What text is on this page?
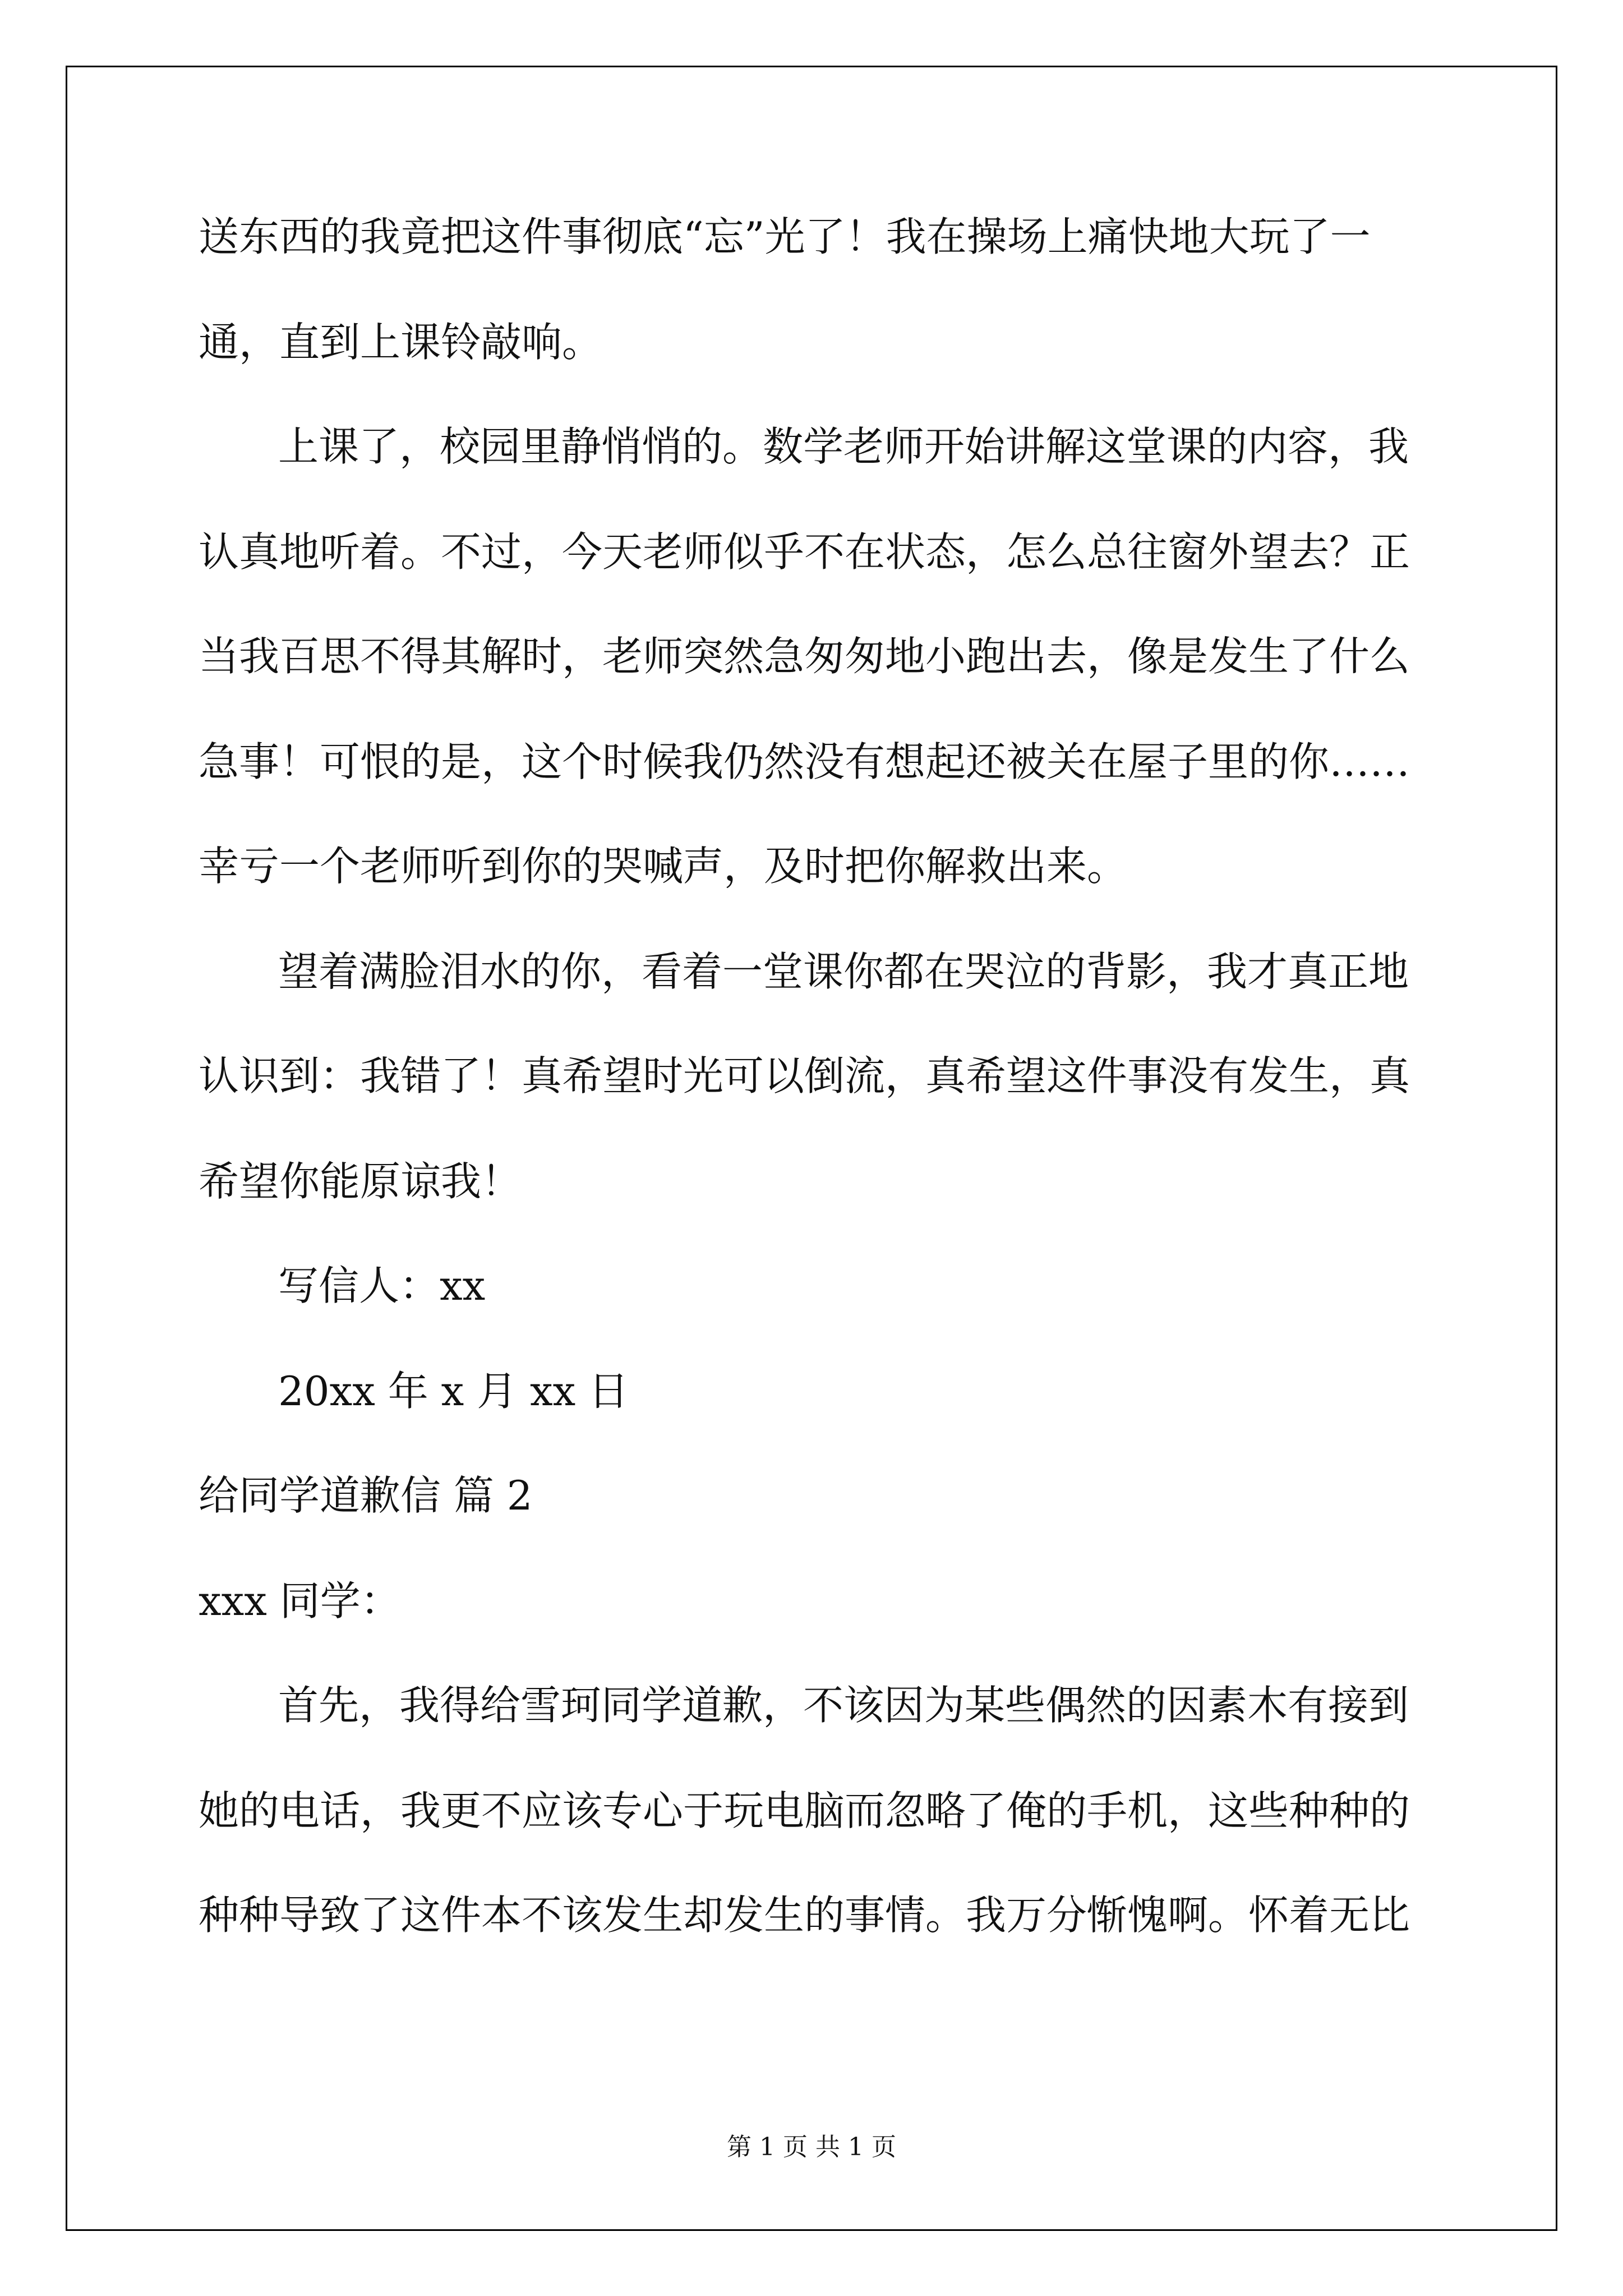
送东西的我竟把这件事彻底“忘”光了！我在操场上痛快地大玩了一
通，直到上课铃敲响。
上课了，校园里静悄悄的。数学老师开始讲解这堂课的内容，我
认真地听着。不过，今天老师似乎不在状态，怎么总往窗外望去？正
当我百思不得其解时，老师突然急匆匆地小跑出去，像是发生了什么
急事！可恨的是，这个时候我仍然没有想起还被关在屋子里的你……
幸亏一个老师听到你的哭喊声，及时把你解救出来。
望着满脸泪水的你，看着一堂课你都在哭泣的背影，我才真正地
认识到：我错了！真希望时光可以倒流，真希望这件事没有发生，真
希望你能原谅我！
写信人：xx
20xx 年 x 月 xx 日
给同学道歉信 篇 2
xxx 同学：
首先，我得给雪珂同学道歉，不该因为某些偶然的因素木有接到
她的电话，我更不应该专心于玩电脑而忽略了俺的手机，这些种种的
种种导致了这件本不该发生却发生的事情。我万分惭愧啊。怀着无比
第 1 页 共 1 页
